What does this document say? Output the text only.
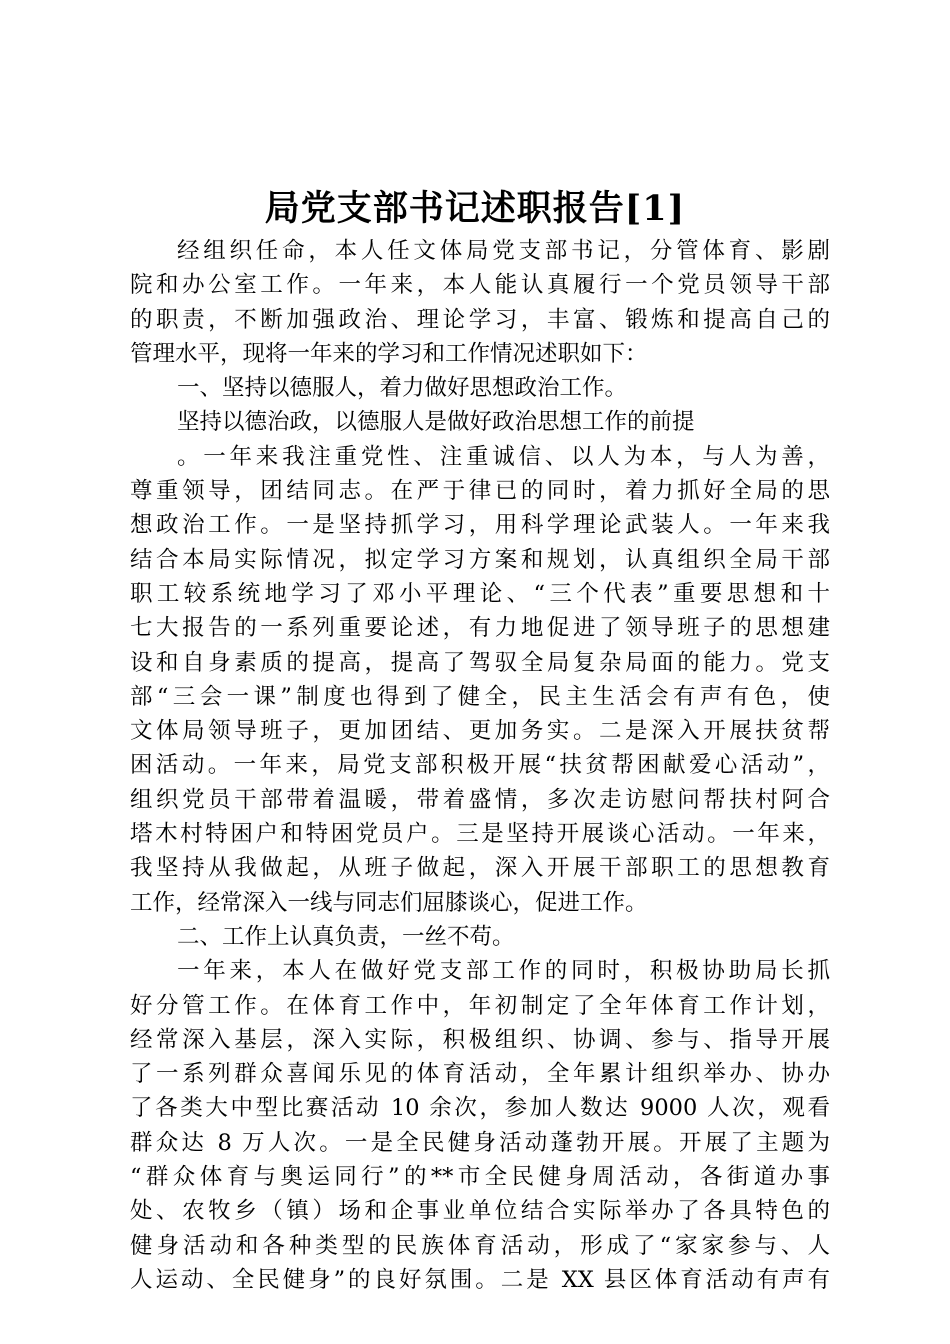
局党支部书记述职报告[1]
经组织任命，本人任文体局党支部书记，分管体育、影剧
院和办公室工作。一年来，本人能认真履行一个党员领导干部
的职责，不断加强政治、理论学习，丰富、锻炼和提高自己的
管理水平，现将一年来的学习和工作情况述职如下：
一、坚持以德服人，着力做好思想政治工作。
坚持以德治政，以德服人是做好政治思想工作的前提
。一年来我注重党性、注重诚信、以人为本，与人为善，
尊重领导，团结同志。在严于律已的同时，着力抓好全局的思
想政治工作。一是坚持抓学习，用科学理论武装人。一年来我
结合本局实际情况，拟定学习方案和规划，认真组织全局干部
职工较系统地学习了邓小平理论、“三个代表”重要思想和十
七大报告的一系列重要论述，有力地促进了领导班子的思想建
设和自身素质的提高，提高了驾驭全局复杂局面的能力。党支
部“三会一课”制度也得到了健全，民主生活会有声有色，使
文体局领导班子，更加团结、更加务实。二是深入开展扶贫帮
困活动。一年来，局党支部积极开展“扶贫帮困献爱心活动”，
组织党员干部带着温暖，带着盛情，多次走访慰问帮扶村阿合
塔木村特困户和特困党员户。三是坚持开展谈心活动。一年来，
我坚持从我做起，从班子做起，深入开展干部职工的思想教育
工作，经常深入一线与同志们屈膝谈心，促进工作。
二、工作上认真负责，一丝不苟。
一年来，本人在做好党支部工作的同时，积极协助局长抓
好分管工作。在体育工作中，年初制定了全年体育工作计划，
经常深入基层，深入实际，积极组织、协调、参与、指导开展
了一系列群众喜闻乐见的体育活动，全年累计组织举办、协办
了各类大中型比赛活动 10 余次，参加人数达 9000 人次，观看
群众达 8 万人次。一是全民健身活动蓬勃开展。开展了主题为
“群众体育与奥运同行”的**市全民健身周活动，各街道办事
处、农牧乡（镇）场和企事业单位结合实际举办了各具特色的
健身活动和各种类型的民族体育活动，形成了“家家参与、人
人运动、全民健身”的良好氛围。二是 XX 县区体育活动有声有
